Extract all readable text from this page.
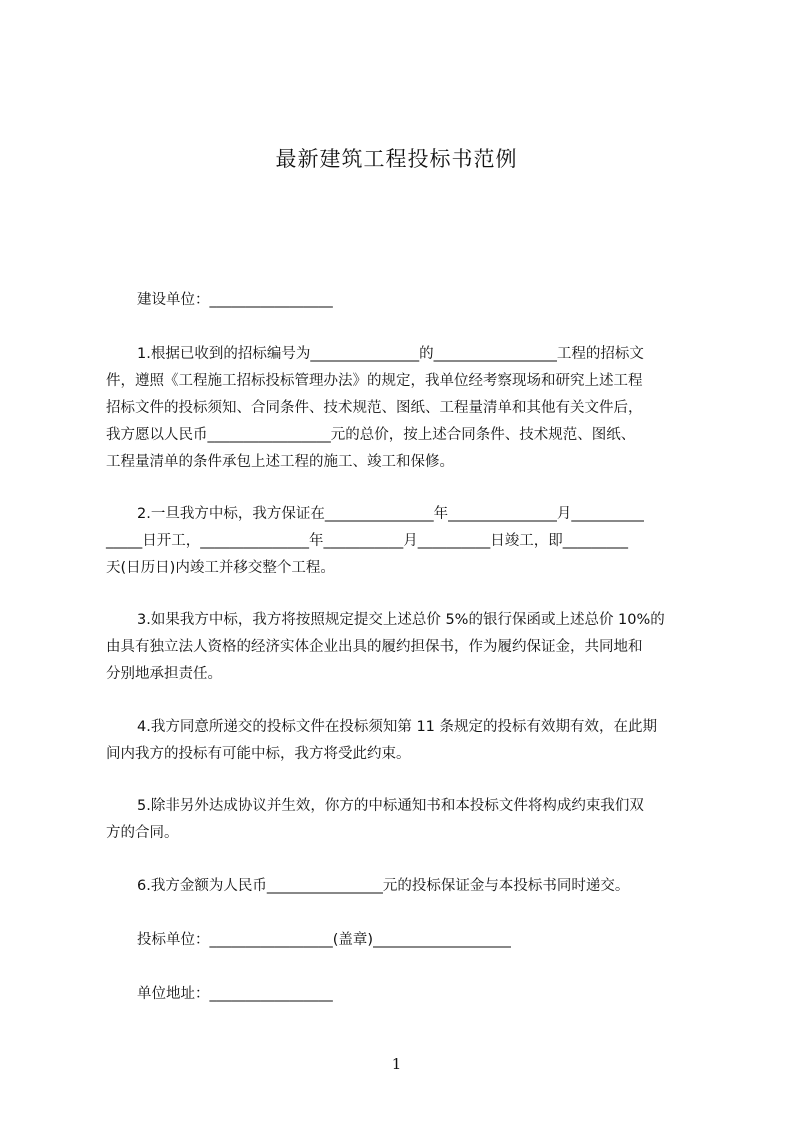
最新建筑工程投标书范例
建设单位：_________________
1.根据已收到的招标编号为_______________的_________________工程的招标文
件，遵照《工程施工招标投标管理办法》的规定，我单位经考察现场和研究上述工程
招标文件的投标须知、合同条件、技术规范、图纸、工程量清单和其他有关文件后，
我方愿以人民币_________________元的总价，按上述合同条件、技术规范、图纸、
工程量清单的条件承包上述工程的施工、竣工和保修。
2.一旦我方中标，我方保证在_______________年_______________月__________
_____日开工，_______________年___________月__________日竣工，即_________
天(日历日)内竣工并移交整个工程。
3.如果我方中标，我方将按照规定提交上述总价 5%的银行保函或上述总价 10%的
由具有独立法人资格的经济实体企业出具的履约担保书，作为履约保证金，共同地和
分别地承担责任。
4.我方同意所递交的投标文件在投标须知第 11 条规定的投标有效期有效，在此期
间内我方的投标有可能中标，我方将受此约束。
5.除非另外达成协议并生效，你方的中标通知书和本投标文件将构成约束我们双
方的合同。
6.我方金额为人民币________________元的投标保证金与本投标书同时递交。
投标单位：_________________(盖章)___________________
单位地址：_________________
1
